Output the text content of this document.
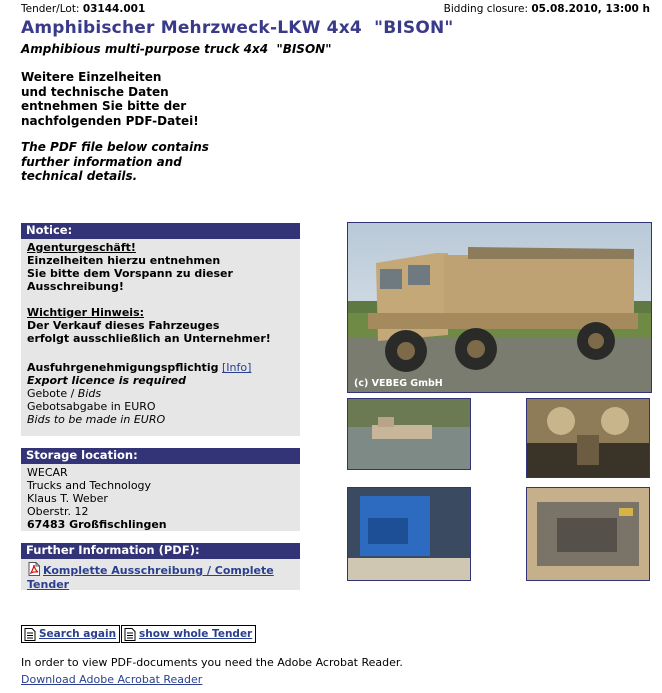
Tender/Lot: 03144.001	Bidding closure: 05.08.2010, 13:00 h
Amphibischer Mehrzweck-LKW 4x4  "BISON"
Amphibious multi-purpose truck 4x4  "BISON"
Weitere Einzelheiten
und technische Daten
entnehmen Sie bitte der
nachfolgenden PDF-Datei!
The PDF file below contains
further information and
technical details.
Notice:
Agenturgeschäft!
Einzelheiten hierzu entnehmen
Sie bitte dem Vorspann zu dieser
Ausschreibung!
Wichtiger Hinweis:
Der Verkauf dieses Fahrzeuges
erfolgt ausschließlich an Unternehmer!
Ausfuhrgenehmigungspflichtig [Info]
Export licence is required
Gebote / Bids
Gebotsabgabe in EURO
Bids to be made in EURO
Storage location:
WECAR
Trucks and Technology
Klaus T. Weber
Oberstr. 12
67483 Großfischlingen
Further Information (PDF):
Komplette Ausschreibung / Complete
Tender
Search again show whole Tender
In order to view PDF-documents you need the Adobe Acrobat Reader.
Download Adobe Acrobat Reader
(c) VEBEG GmbH
